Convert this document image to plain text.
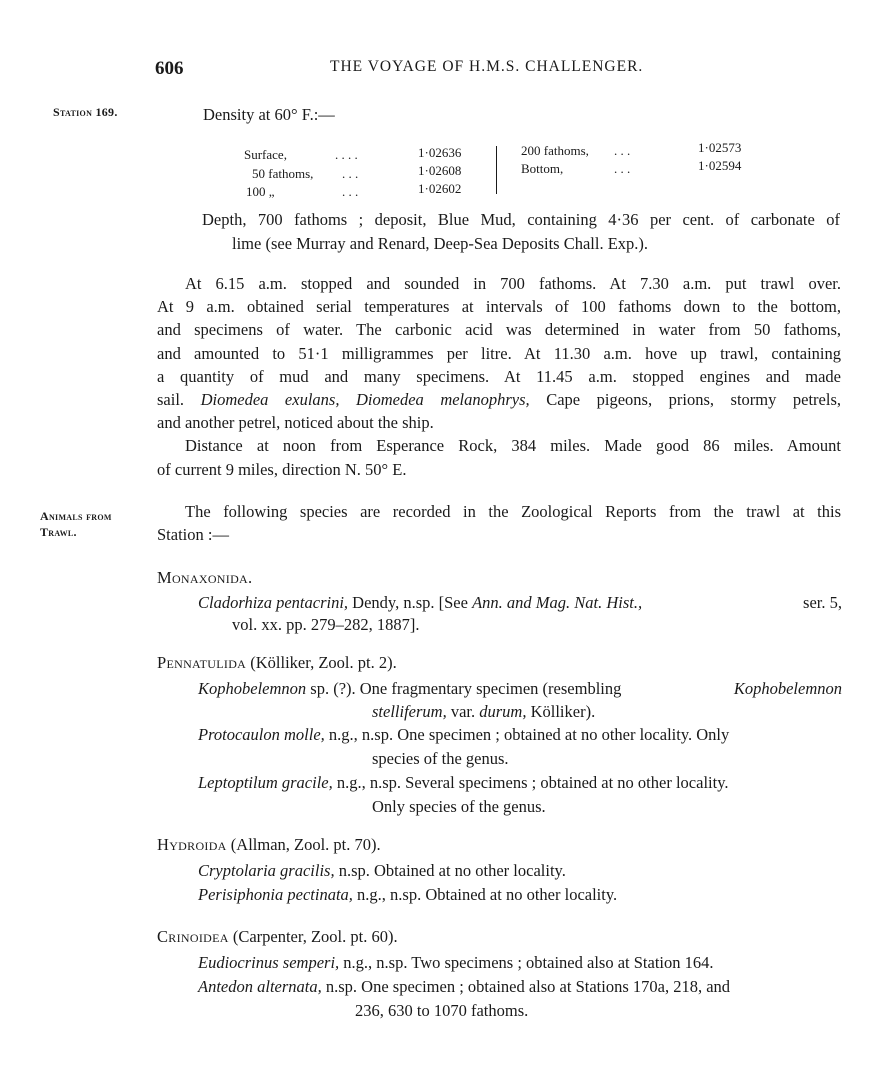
606	THE VOYAGE OF H.M.S. CHALLENGER.
Station 169.
Animals from
Trawl.
Density at 60° F.:—
Surface,	. . . .	1·02636
50 fathoms, . . .	1·02608
100 „	. . .	1·02602
200 fathoms, . . .	1·02573
Bottom,	. . .	1·02594
Depth, 700 fathoms ; deposit, Blue Mud, containing 4·36 per cent. of carbonate of
lime (see Murray and Renard, Deep-Sea Deposits Chall. Exp.).
At 6.15 a.m. stopped and sounded in 700 fathoms. At 7.30 a.m. put trawl over.
At 9 a.m. obtained serial temperatures at intervals of 100 fathoms down to the bottom,
and specimens of water. The carbonic acid was determined in water from 50 fathoms,
and amounted to 51·1 milligrammes per litre. At 11.30 a.m. hove up trawl, containing
a quantity of mud and many specimens. At 11.45 a.m. stopped engines and made
sail. Diomedea exulans, Diomedea melanophrys, Cape pigeons, prions, stormy petrels,
and another petrel, noticed about the ship.
Distance at noon from Esperance Rock, 384 miles. Made good 86 miles. Amount
of current 9 miles, direction N. 50° E.
The following species are recorded in the Zoological Reports from the trawl at this
Station :—
Monaxonida.
Cladorhiza pentacrini, Dendy, n.sp. [See Ann. and Mag. Nat. Hist.,	ser. 5,
vol. xx. pp. 279–282, 1887].
Pennatulida (Kölliker, Zool. pt. 2).
Kophobelemnon sp. (?). One fragmentary specimen (resembling	Kophobelemnon
stelliferum, var. durum, Kölliker).
Protocaulon molle, n.g., n.sp. One specimen ; obtained at no other locality. Only
species of the genus.
Leptoptilum gracile, n.g., n.sp. Several specimens ; obtained at no other locality.
Only species of the genus.
Hydroida (Allman, Zool. pt. 70).
Cryptolaria gracilis, n.sp. Obtained at no other locality.
Perisiphonia pectinata, n.g., n.sp. Obtained at no other locality.
Crinoidea (Carpenter, Zool. pt. 60).
Eudiocrinus semperi, n.g., n.sp. Two specimens ; obtained also at Station 164.
Antedon alternata, n.sp. One specimen ; obtained also at Stations 170a, 218, and
236, 630 to 1070 fathoms.
